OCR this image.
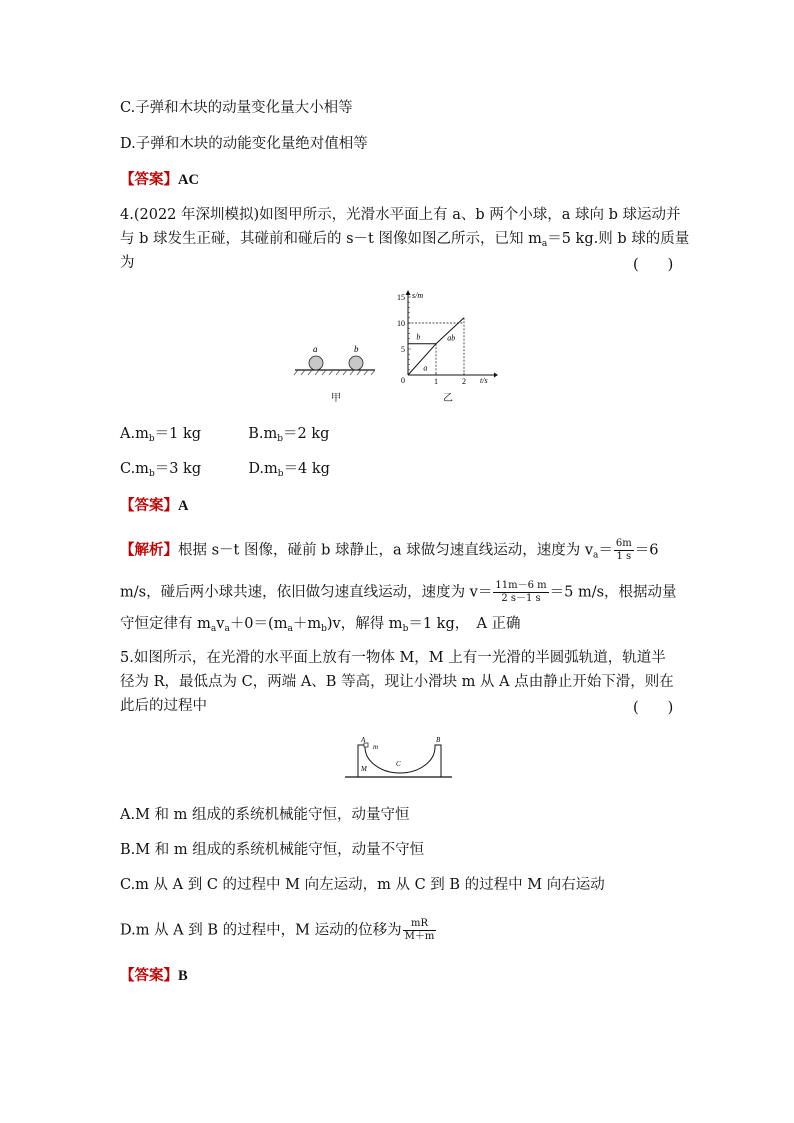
C.子弹和木块的动量变化量大小相等
D.子弹和木块的动能变化量绝对值相等
【答案】AC
4.(2022 年深圳模拟)如图甲所示，光滑水平面上有 a、b 两个小球，a 球向 b 球运动并
与 b 球发生正碰，其碰前和碰后的 s－t 图像如图乙所示，已知 $m_a=5$ kg.则 b 球的质量
为	(　　)
a	b
甲
s/m
t/s
15
10
5
0	1	2
a
b	ab
乙
$A.m_b=1$ kg	$B.m_b=2$ kg
$C.m_b=3$ kg	$D.m_b=4$ kg
【答案】A
【解析】根据 s－t 图像，碰前 b 球静止，a 球做匀速直线运动，速度为 $v_a= \frac{6m}{1 s} =6$
m/s，碰后两小球共速，依旧做匀速直线运动，速度为 $v= \frac{11m-6 m}{2 s-1 s} =5$ m/s，根据动量
守恒定律有 $m_av_a+0=(m_a+m_b)v$，解得 $m_b=1$ kg，　A 正确
5.如图所示，在光滑的水平面上放有一物体 M，M 上有一光滑的半圆弧轨道，轨道半
径为 R，最低点为 C，两端 A、B 等高，现让小滑块 m 从 A 点由静止开始下滑，则在
此后的过程中	(　　)
A	B
m
M
C
A.M 和 m 组成的系统机械能守恒，动量守恒
B.M 和 m 组成的系统机械能守恒，动量不守恒
C.m 从 A 到 C 的过程中 M 向左运动，m 从 C 到 B 的过程中 M 向右运动
D.m 从 A 到 B 的过程中，M 运动的位移为 $\frac{mR}{M+m}$
【答案】B
